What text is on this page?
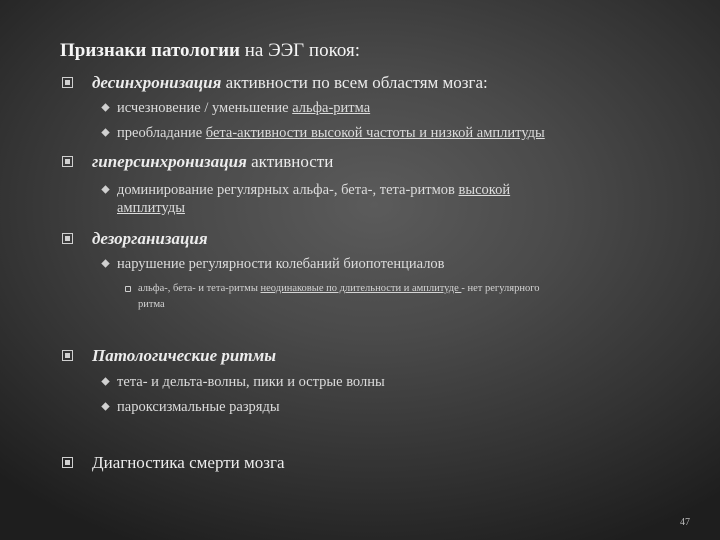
Признаки патологии на ЭЭГ покоя:
десинхронизация активности по всем областям мозга:
исчезновение / уменьшение альфа-ритма
преобладание бета-активности высокой частоты и низкой амплитуды
гиперсинхронизация активности
доминирование регулярных альфа-, бета-, тета-ритмов высокой
амплитуды
дезорганизация
нарушение регулярности колебаний биопотенциалов
альфа-, бета- и тета-ритмы неодинаковые по длительности и амплитуде - нет регулярного
ритма
Патологические ритмы
тета- и дельта-волны, пики и острые волны
пароксизмальные разряды
Диагностика смерти мозга
47
